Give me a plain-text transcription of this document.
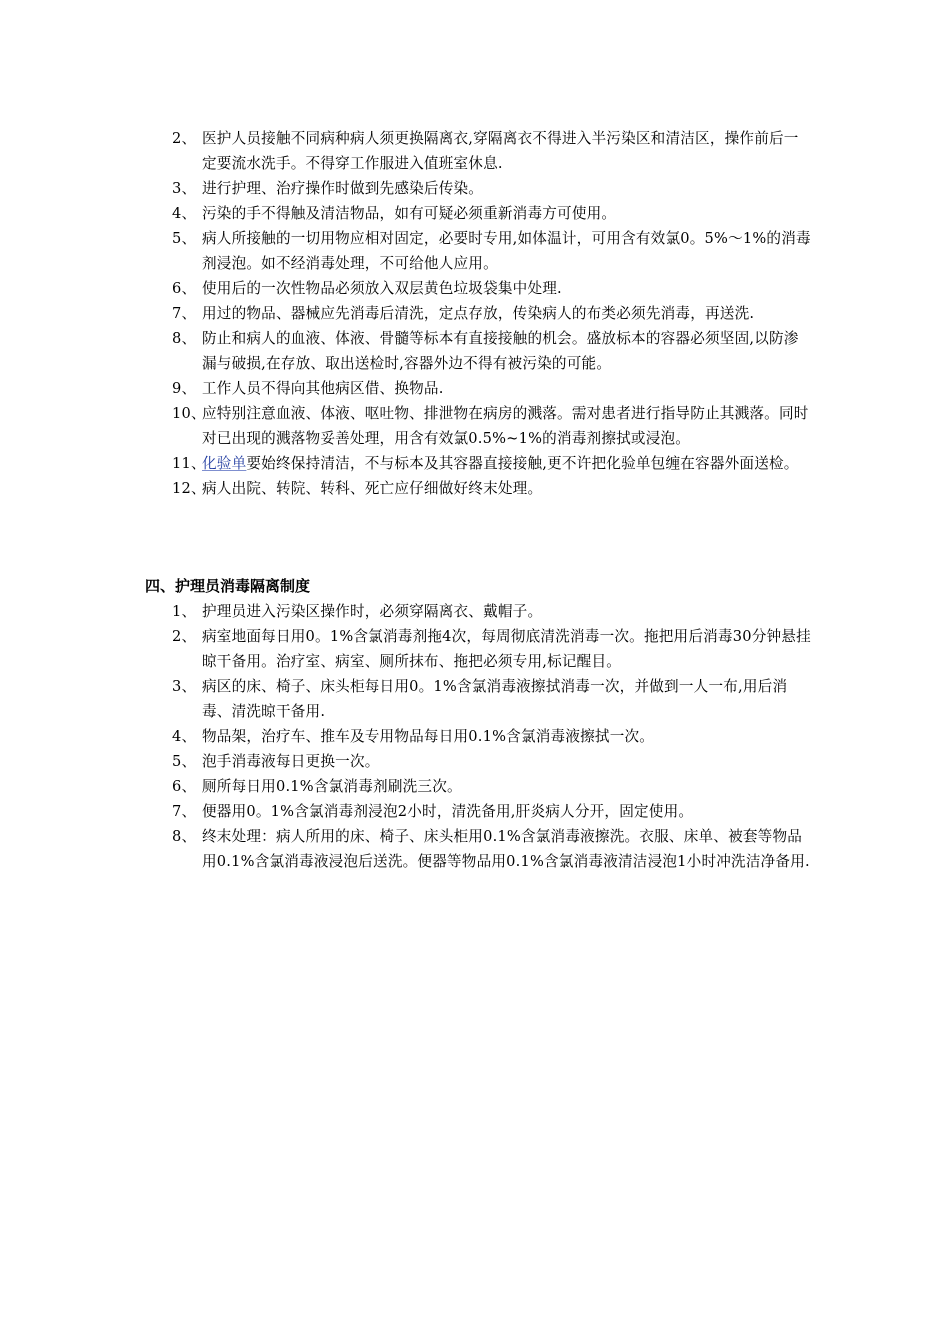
2、 医护人员接触不同病种病人须更换隔离衣,穿隔离衣不得进入半污染区和清洁区，操作前后一定要流水洗手。不得穿工作服进入值班室休息.
3、 进行护理、治疗操作时做到先感染后传染。
4、 污染的手不得触及清洁物品，如有可疑必须重新消毒方可使用。
5、 病人所接触的一切用物应相对固定，必要时专用,如体温计，可用含有效氯0。5%～1%的消毒剂浸泡。如不经消毒处理，不可给他人应用。
6、 使用后的一次性物品必须放入双层黄色垃圾袋集中处理.
7、 用过的物品、器械应先消毒后清洗，定点存放，传染病人的布类必须先消毒，再送洗.
8、 防止和病人的血液、体液、骨髓等标本有直接接触的机会。盛放标本的容器必须坚固,以防渗漏与破损,在存放、取出送检时,容器外边不得有被污染的可能。
9、 工作人员不得向其他病区借、换物品.
10、
应特别注意血液、体液、呕吐物、排泄物在病房的溅落。需对患者进行指导防止其溅落。同时对已出现的溅落物妥善处理，用含有效氯0.5%~1%的消毒剂擦拭或浸泡。
11、
化验单要始终保持清洁，不与标本及其容器直接接触,更不许把化验单包缠在容器外面送检。
12、
病人出院、转院、转科、死亡应仔细做好终末处理。
四、护理员消毒隔离制度
1、 护理员进入污染区操作时，必须穿隔离衣、戴帽子。
2、 病室地面每日用0。1%含氯消毒剂拖4次，每周彻底清洗消毒一次。拖把用后消毒30分钟悬挂晾干备用。治疗室、病室、厕所抹布、拖把必须专用,标记醒目。
3、 病区的床、椅子、床头柜每日用0。1%含氯消毒液擦拭消毒一次，并做到一人一布,用后消毒、清洗晾干备用.
4、 物品架，治疗车、推车及专用物品每日用0.1%含氯消毒液擦拭一次。
5、 泡手消毒液每日更换一次。
6、 厕所每日用0.1%含氯消毒剂刷洗三次。
7、 便器用0。1%含氯消毒剂浸泡2小时，清洗备用,肝炎病人分开，固定使用。
8、 终末处理：病人所用的床、椅子、床头柜用0.1%含氯消毒液擦洗。衣服、床单、被套等物品用0.1%含氯消毒液浸泡后送洗。便器等物品用0.1%含氯消毒液清洁浸泡1小时冲洗洁净备用.
